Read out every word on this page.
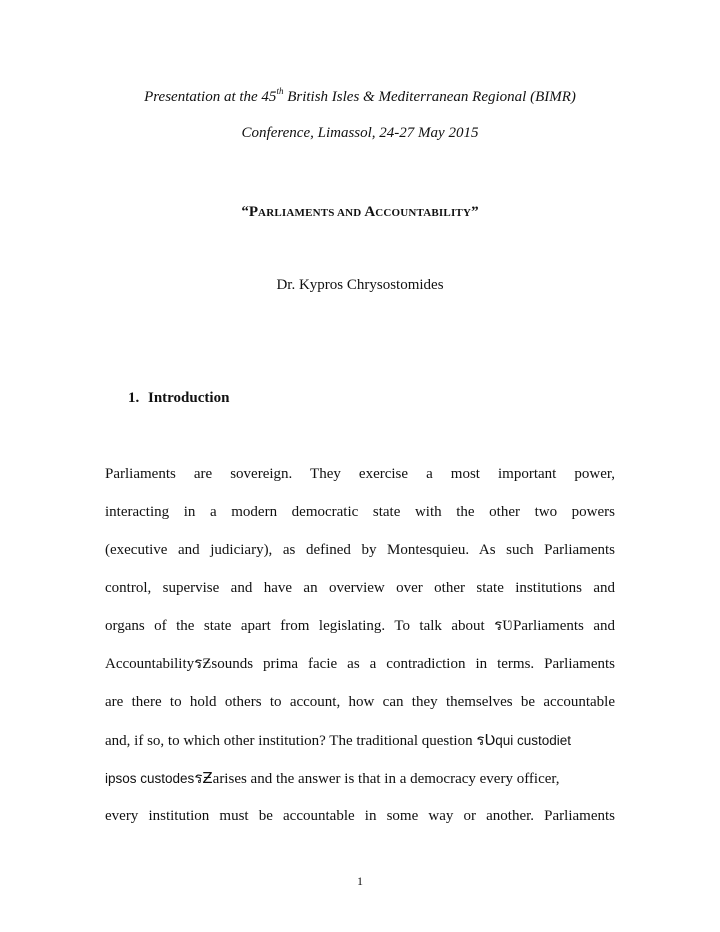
Presentation at the 45th British Isles & Mediterranean Regional (BIMR)
Conference, Limassol, 24-27 May 2015
“PARLIAMENTS AND ACCOUNTABILITY”
Dr. Kypros Chrysostomides
1. Introduction
Parliaments are sovereign. They exercise a most important power,
interacting in a modern democratic state with the other two powers
(executive and judiciary), as defined by Montesquieu. As such Parliaments
control, supervise and have an overview over other state institutions and
organs of the state apart from legislating. To talk about รƲParliaments and
AccountabilityรƵsounds prima facie as a contradiction in terms. Parliaments
are there to hold others to account, how can they themselves be accountable
and, if so, to which other institution? The traditional question รƲqui custodiet
ipsos custodesรƵarises and the answer is that in a democracy every officer,
every institution must be accountable in some way or another. Parliaments
1
